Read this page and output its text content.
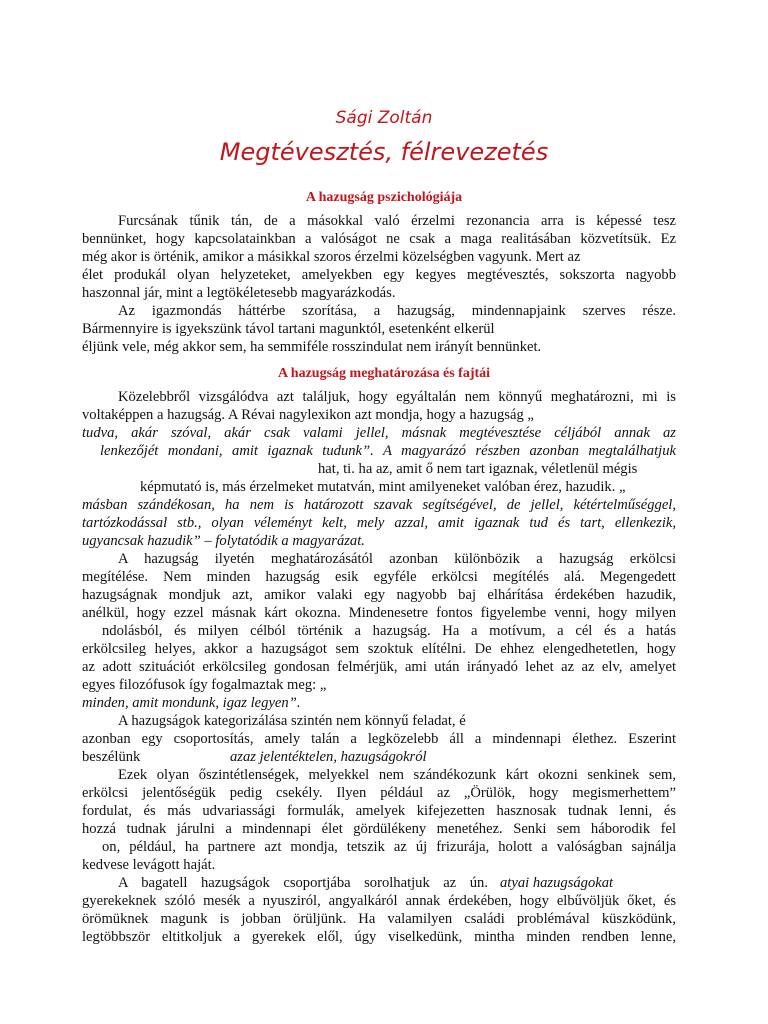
Sági Zoltán
Megtévesztés, félrevezetés
A hazugság pszichológiája
Furcsának tűnik tán, de a másokkal való érzelmi rezonancia arra is képessé tesz
bennünket, hogy kapcsolatainkban a valóságot ne csak a maga realitásában közvetítsük. Ez
még akor is örténik, amikor a másikkal szoros érzelmi közelségben vagyunk. Mert az
élet produkál olyan helyzeteket, amelyekben egy kegyes megtévesztés, sokszorta nagyobb
haszonnal jár, mint a legtökéletesebb magyarázkodás.
Az igazmondás háttérbe szorítása, a hazugság, mindennapjaink szerves része.
Bármennyire is igyekszünk távol tartani magunktól, esetenként elkerül
éljünk vele, még akkor sem, ha semmiféle rosszindulat nem irányít bennünket.
A hazugság meghatározása és fajtái
Közelebbről vizsgálódva azt találjuk, hogy egyáltalán nem könnyű meghatározni, mi is
voltaképpen a hazugság. A Révai nagylexikon azt mondja, hogy a hazugság „
tudva, akár szóval, akár csak valami jellel, másnak megtévesztése céljából annak az
lenkezőjét mondani, amit igaznak tudunk”. A magyarázó részben azonban megtalálhatjuk
hat, ti. ha az, amit ő nem tart igaznak, véletlenül mégis
képmutató is, más érzelmeket mutatván, mint amilyeneket valóban érez, hazudik. „
másban szándékosan, ha nem is határozott szavak segítségével, de jellel, kétértelműséggel,
tartózkodással stb., olyan véleményt kelt, mely azzal, amit igaznak tud és tart, ellenkezik,
ugyancsak hazudik” – folytatódik a magyarázat.
A hazugság ilyetén meghatározásától azonban különbözik a hazugság erkölcsi
megítélése. Nem minden hazugság esik egyféle erkölcsi megítélés alá. Megengedett
hazugságnak mondjuk azt, amikor valaki egy nagyobb baj elhárítása érdekében hazudik,
anélkül, hogy ezzel másnak kárt okozna. Mindenesetre fontos figyelembe venni, hogy milyen
ndolásból, és milyen célból történik a hazugság. Ha a motívum, a cél és a hatás
erkölcsileg helyes, akkor a hazugságot sem szoktuk elítélni. De ehhez elengedhetetlen, hogy
az adott szituációt erkölcsileg gondosan felmérjük, ami után irányadó lehet az az elv, amelyet
egyes filozófusok így fogalmaztak meg: „
minden, amit mondunk, igaz legyen”.
A hazugságok kategorizálása szintén nem könnyű feladat, é
azonban egy csoportosítás, amely talán a legközelebb áll a mindennapi élethez. Eszerint
beszélünk	azaz jelentéktelen, hazugságokról
Ezek olyan őszintétlenségek, melyekkel nem szándékozunk kárt okozni senkinek sem,
erkölcsi jelentőségük pedig csekély. Ilyen például az „Örülök, hogy megismerhettem”
fordulat, és más udvariassági formulák, amelyek kifejezetten hasznosak tudnak lenni, és
hozzá tudnak járulni a mindennapi élet gördülékeny menetéhez. Senki sem háborodik fel
on, például, ha partnere azt mondja, tetszik az új frizurája, holott a valóságban sajnálja
kedvese levágott haját.
A bagatell hazugságok csoportjába sorolhatjuk az ún. atyai hazugságokat
gyerekeknek szóló mesék a nyusziról, angyalkáról annak érdekében, hogy elbűvöljük őket, és
örömüknek magunk is jobban örüljünk. Ha valamilyen családi problémával küszködünk,
legtöbbször eltitkoljuk a gyerekek elől, úgy viselkedünk, mintha minden rendben lenne,
